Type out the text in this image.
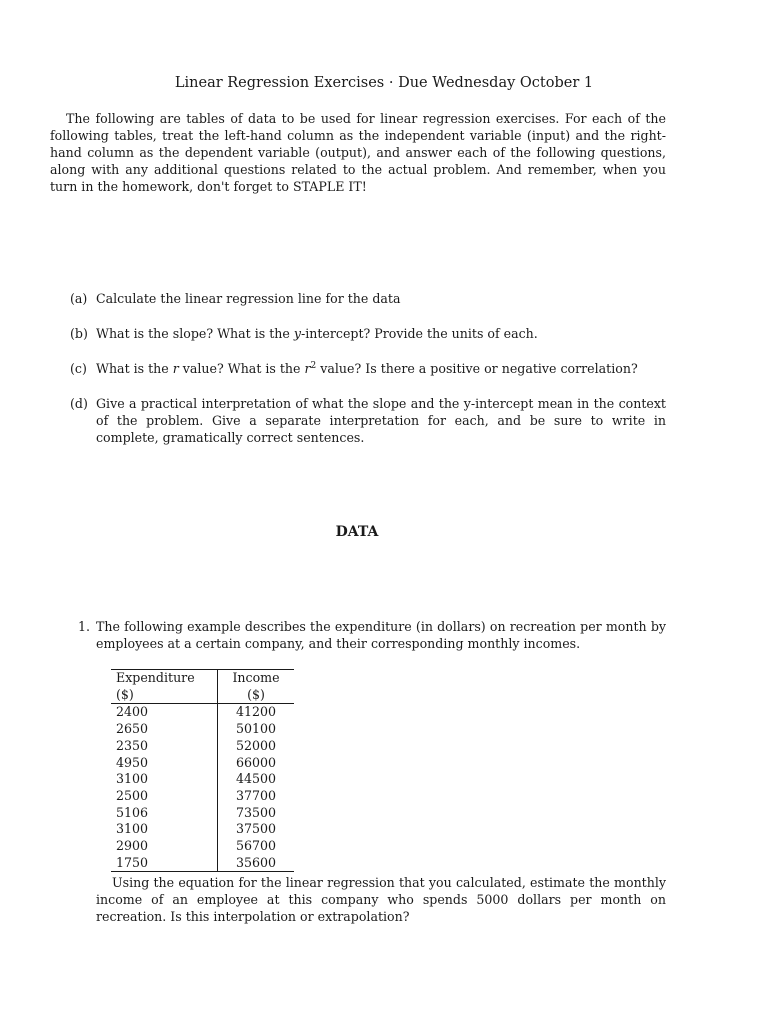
Linear Regression Exercises · Due Wednesday October 1

The following are tables of data to be used for linear regression exercises. For each of the following tables, treat the left-hand column as the independent variable (input) and the right-hand column as the dependent variable (output), and answer each of the following questions, along with any additional questions related to the actual problem. And remember, when you turn in the homework, don't forget to STAPLE IT!

(a) Calculate the linear regression line for the data
(b) What is the slope? What is the y-intercept? Provide the units of each.
(c) What is the r value? What is the $r^2$ value? Is there a positive or negative correlation?
(d) Give a practical interpretation of what the slope and the y-intercept mean in the context of the problem. Give a separate interpretation for each, and be sure to write in complete, gramatically correct sentences.
DATA
1. The following example describes the expenditure (in dollars) on recreation per month by employees at a certain company, and their corresponding monthly incomes.
Expenditure ($)	Income ($)
2400	41200
2650	50100
2350	52000
4950	66000
3100	44500
2500	37700
5106	73500
3100	37500
2900	56700
1750	35600

Using the equation for the linear regression that you calculated, estimate the monthly income of an employee at this company who spends 5000 dollars per month on recreation. Is this interpolation or extrapolation?
